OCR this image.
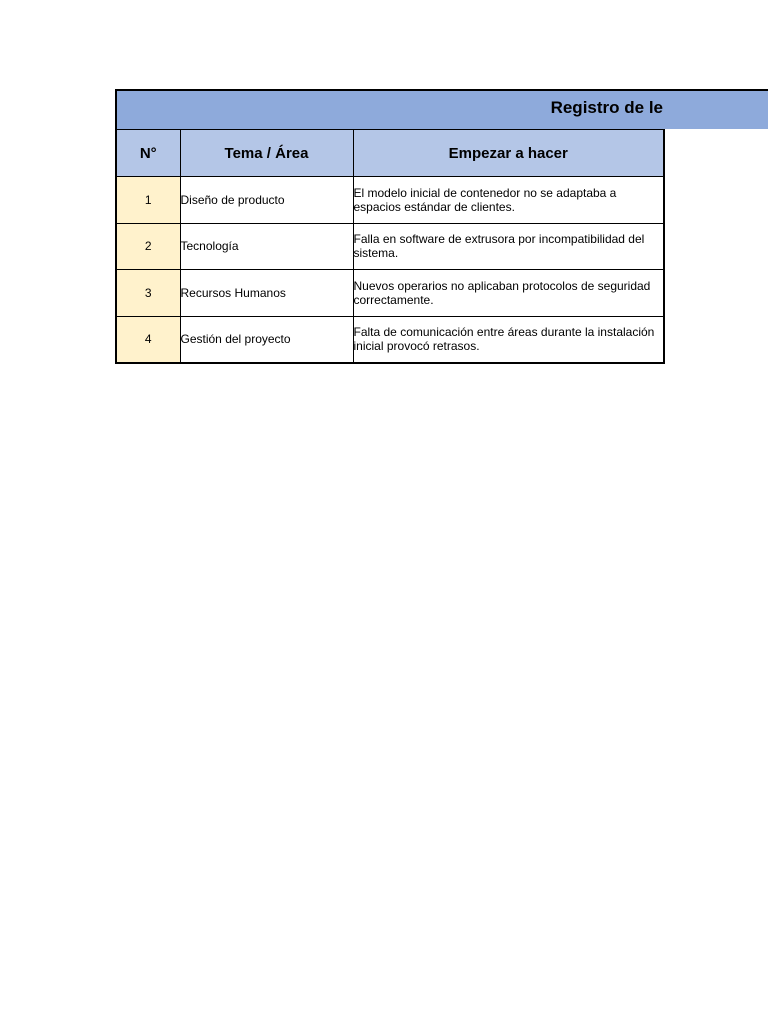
Registro de le
N°	Tema / Área	Empezar a hacer
1	Diseño de producto	El modelo inicial de contenedor no se adaptaba a espacios estándar de clientes.
2	Tecnología	Falla en software de extrusora por incompatibilidad del sistema.
3	Recursos Humanos	Nuevos operarios no aplicaban protocolos de seguridad correctamente.
4	Gestión del proyecto	Falta de comunicación entre áreas durante la instalación inicial provocó retrasos.
